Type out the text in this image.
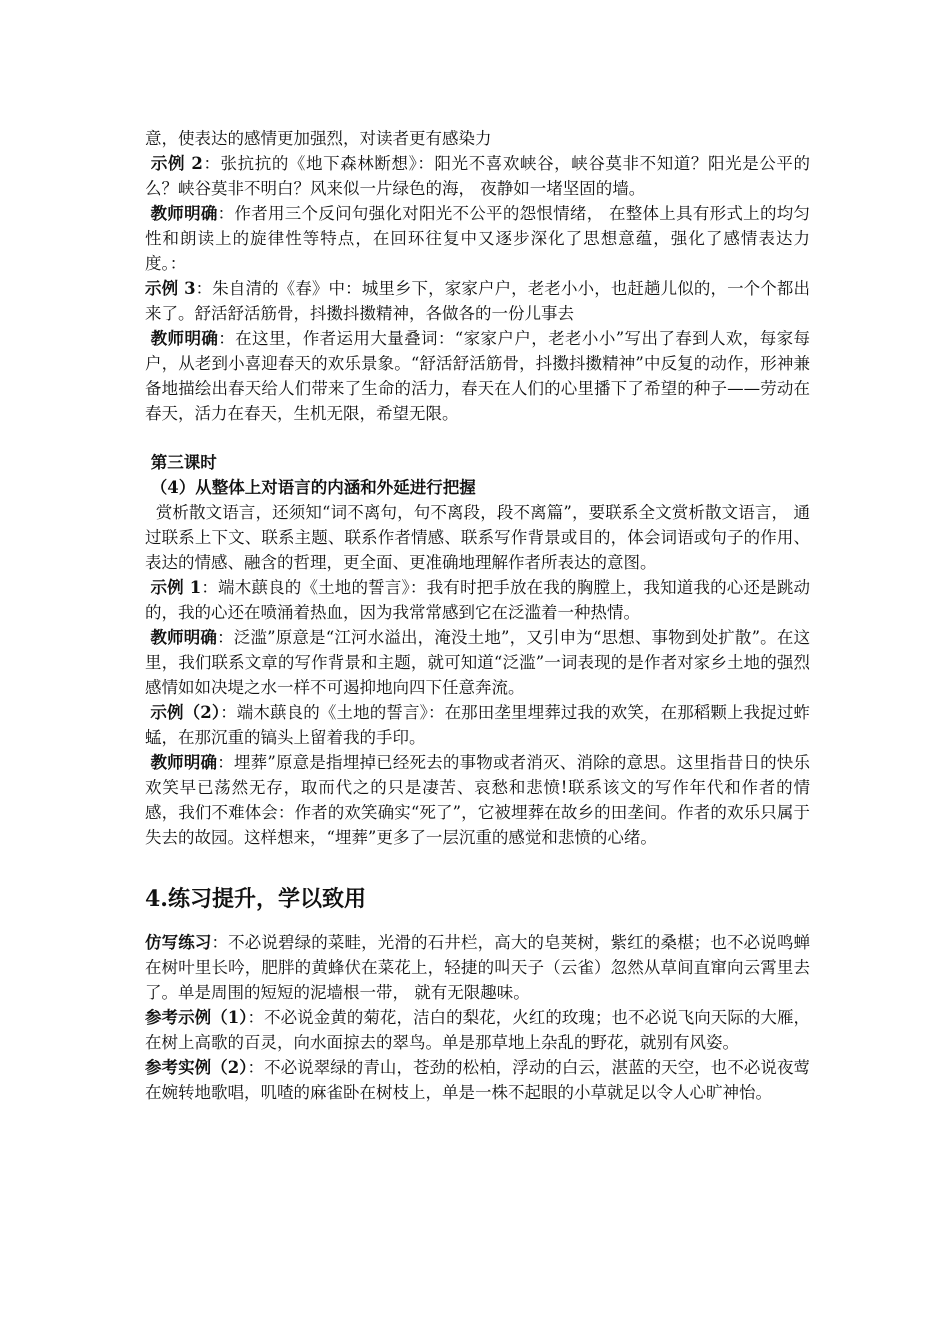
意，使表达的感情更加强烈，对读者更有感染力

示例 2：张抗抗的《地下森林断想》：阳光不喜欢峡谷，峡谷莫非不知道？阳光是公平的么？峡谷莫非不明白？风来似一片绿色的海， 夜静如一堵坚固的墙。

教师明确：作者用三个反问句强化对阳光不公平的怨恨情绪， 在整体上具有形式上的均匀性和朗读上的旋律性等特点，在回环往复中又逐步深化了思想意蕴，强化了感情表达力度。：

示例 3：朱自清的《春》中：城里乡下，家家户户，老老小小，也赶趟儿似的，一个个都出来了。舒活舒活筋骨，抖擞抖擞精神，各做各的一份儿事去

教师明确：在这里，作者运用大量叠词：“家家户户，老老小小”写出了春到人欢，每家每户，从老到小喜迎春天的欢乐景象。“舒活舒活筋骨，抖擞抖擞精神”中反复的动作，形神兼备地描绘出春天给人们带来了生命的活力，春天在人们的心里播下了希望的种子——劳动在春天，活力在春天，生机无限，希望无限。

第三课时

（4）从整体上对语言的内涵和外延进行把握

赏析散文语言，还须知“词不离句，句不离段，段不离篇”，要联系全文赏析散文语言， 通过联系上下文、联系主题、联系作者情感、联系写作背景或目的，体会词语或句子的作用、表达的情感、融含的哲理，更全面、更准确地理解作者所表达的意图。

示例 1：端木蕻良的《土地的誓言》：我有时把手放在我的胸膛上，我知道我的心还是跳动的，我的心还在喷涌着热血，因为我常常感到它在泛滥着一种热情。

教师明确：泛滥”原意是“江河水溢出，淹没土地”，又引申为“思想、事物到处扩散”。在这里，我们联系文章的写作背景和主题，就可知道“泛滥”一词表现的是作者对家乡土地的强烈感情如如决堤之水一样不可遏抑地向四下任意奔流。

示例（2）：端木蕻良的《土地的誓言》：在那田垄里埋葬过我的欢笑，在那稻颗上我捉过蚱蜢，在那沉重的镐头上留着我的手印。

教师明确：埋葬”原意是指埋掉已经死去的事物或者消灭、消除的意思。这里指昔日的快乐欢笑早已荡然无存，取而代之的只是凄苦、哀愁和悲愤!联系该文的写作年代和作者的情感，我们不难体会：作者的欢笑确实“死了”，它被埋葬在故乡的田垄间。作者的欢乐只属于失去的故园。这样想来，“埋葬”更多了一层沉重的感觉和悲愤的心绪。

4.练习提升，学以致用

仿写练习：不必说碧绿的菜畦，光滑的石井栏，高大的皂荚树，紫红的桑椹；也不必说鸣蝉在树叶里长吟，肥胖的黄蜂伏在菜花上，轻捷的叫天子（云雀）忽然从草间直窜向云霄里去了。单是周围的短短的泥墙根一带， 就有无限趣味。

参考示例（1）：不必说金黄的菊花，洁白的梨花，火红的玫瑰；也不必说飞向天际的大雁，在树上高歌的百灵，向水面掠去的翠鸟。单是那草地上杂乱的野花，就别有风姿。

参考实例（2）：不必说翠绿的青山，苍劲的松柏，浮动的白云，湛蓝的天空，也不必说夜莺在婉转地歌唱，叽喳的麻雀卧在树枝上，单是一株不起眼的小草就足以令人心旷神怡。
